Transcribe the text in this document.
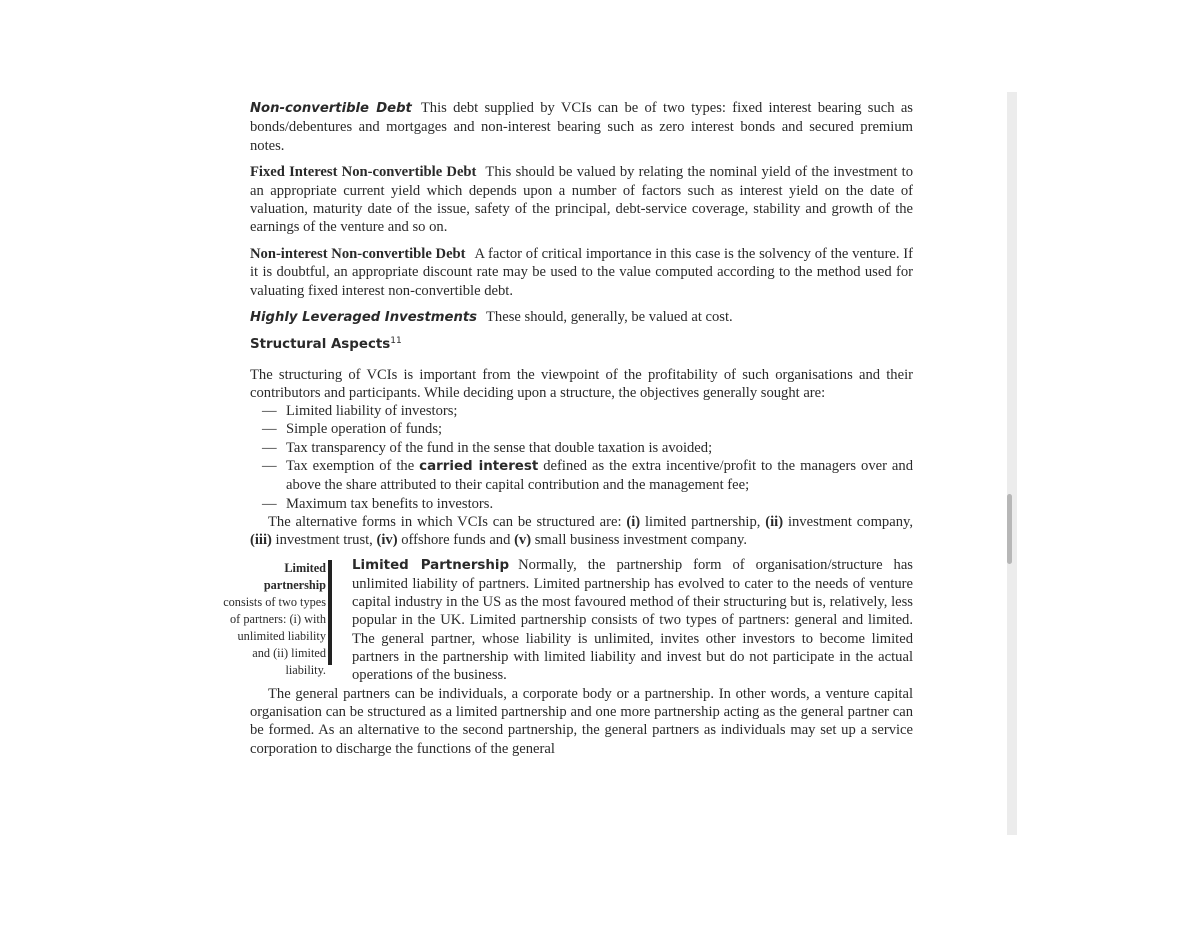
Non-convertible Debt This debt supplied by VCIs can be of two types: fixed interest bearing such as bonds/debentures and mortgages and non-interest bearing such as zero interest bonds and secured premium notes.

Fixed Interest Non-convertible Debt This should be valued by relating the nominal yield of the investment to an appropriate current yield which depends upon a number of factors such as interest yield on the date of valuation, maturity date of the issue, safety of the principal, debt-service coverage, stability and growth of the earnings of the venture and so on.

Non-interest Non-convertible Debt A factor of critical importance in this case is the solvency of the venture. If it is doubtful, an appropriate discount rate may be used to the value computed according to the method used for valuating fixed interest non-convertible debt.

Highly Leveraged Investments These should, generally, be valued at cost.

Structural Aspects$^{11}$

The structuring of VCIs is important from the viewpoint of the profitability of such organisations and their contributors and participants. While deciding upon a structure, the objectives generally sought are:

— Limited liability of investors;
— Simple operation of funds;
— Tax transparency of the fund in the sense that double taxation is avoided;
— Tax exemption of the carried interest defined as the extra incentive/profit to the managers over and above the share attributed to their capital contribution and the management fee;
— Maximum tax benefits to investors.

The alternative forms in which VCIs can be structured are: (i) limited partnership, (ii) investment company, (iii) investment trust, (iv) offshore funds and (v) small business investment company.

Limited partnership consists of two types of partners: (i) with unlimited liability and (ii) limited liability.

Limited Partnership Normally, the partnership form of organisation/structure has unlimited liability of partners. Limited partnership has evolved to cater to the needs of venture capital industry in the US as the most favoured method of their structuring but is, relatively, less popular in the UK. Limited partnership consists of two types of partners: general and limited. The general partner, whose liability is unlimited, invites other investors to become limited partners in the partnership with limited liability and invest but do not participate in the actual operations of the business.

The general partners can be individuals, a corporate body or a partnership. In other words, a venture capital organisation can be structured as a limited partnership and one more partnership acting as the general partner can be formed. As an alternative to the second partnership, the general partners as individuals may set up a service corporation to discharge the functions of the general
